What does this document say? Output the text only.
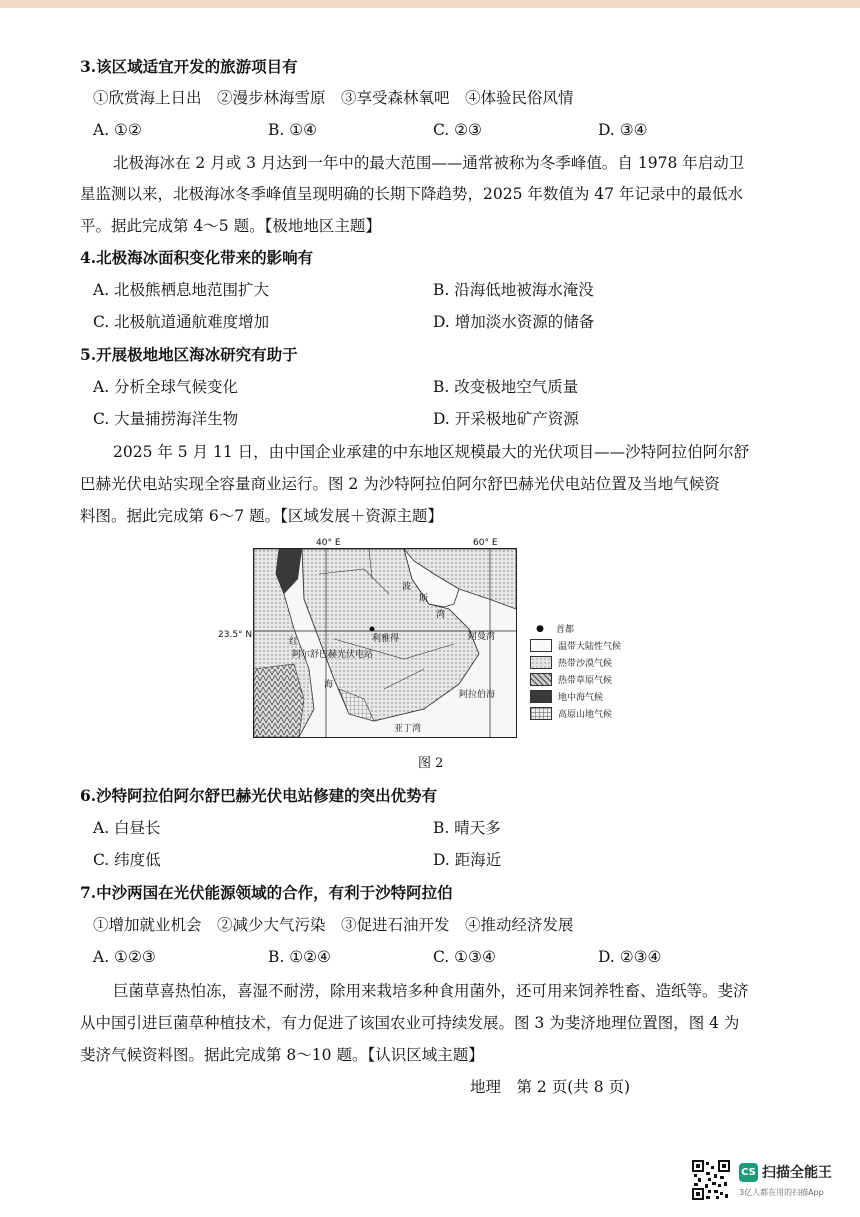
3.该区域适宜开发的旅游项目有
①欣赏海上日出　②漫步林海雪原　③享受森林氧吧　④体验民俗风情
A. ①②	B. ①④	C. ②③	D. ③④
北极海冰在 2 月或 3 月达到一年中的最大范围——通常被称为冬季峰值。自 1978 年启动卫
星监测以来，北极海冰冬季峰值呈现明确的长期下降趋势，2025 年数值为 47 年记录中的最低水
平。据此完成第 4～5 题。【极地地区主题】
4.北极海冰面积变化带来的影响有
A. 北极熊栖息地范围扩大	B. 沿海低地被海水淹没
C. 北极航道通航难度增加	D. 增加淡水资源的储备
5.开展极地地区海冰研究有助于
A. 分析全球气候变化	B. 改变极地空气质量
C. 大量捕捞海洋生物	D. 开采极地矿产资源
2025 年 5 月 11 日，由中国企业承建的中东地区规模最大的光伏项目——沙特阿拉伯阿尔舒
巴赫光伏电站实现全容量商业运行。图 2 为沙特阿拉伯阿尔舒巴赫光伏电站位置及当地气候资
料图。据此完成第 6～7 题。【区域发展＋资源主题】
40° E	60° E
23.5° N
红
海
利雅得
阿尔舒巴赫光伏电站
波
斯
湾
阿曼湾
阿拉伯海
亚丁湾
●	首都
温带大陆性气候
热带沙漠气候
热带草原气候
地中海气候
高原山地气候
图 2
6.沙特阿拉伯阿尔舒巴赫光伏电站修建的突出优势有
A. 白昼长	B. 晴天多
C. 纬度低	D. 距海近
7.中沙两国在光伏能源领域的合作，有利于沙特阿拉伯
①增加就业机会　②减少大气污染　③促进石油开发　④推动经济发展
A. ①②③	B. ①②④	C. ①③④	D. ②③④
巨菌草喜热怕冻，喜湿不耐涝，除用来栽培多种食用菌外，还可用来饲养牲畜、造纸等。斐济
从中国引进巨菌草种植技术，有力促进了该国农业可持续发展。图 3 为斐济地理位置图，图 4 为
斐济气候资料图。据此完成第 8～10 题。【认识区域主题】
地理　第 2 页(共 8 页)
CS 扫描全能王
3亿人都在用的扫描App
